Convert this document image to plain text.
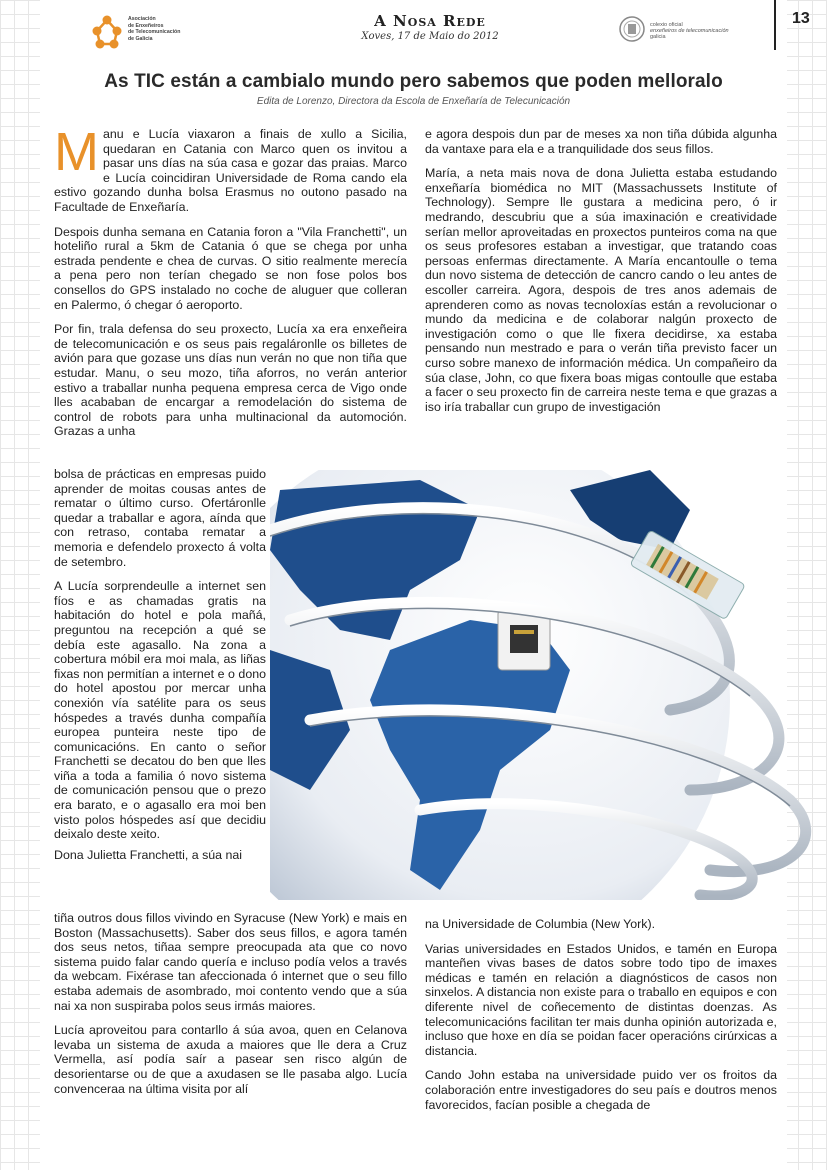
Asociación
de Enxeñeiros
de Telecomunicación
de Galicia
A Nosa Rede
Xoves, 17 de Maio do 2012
colexio oficial
enxeñeiros de telecomunicación
galicia
13
As TIC están a cambialo mundo pero sabemos que poden melloralo
Edita de Lorenzo, Directora da Escola de Enxeñaría de Telecunicación

Manu e Lucía viaxaron a finais de xullo a Sicilia, quedaran en Catania con Marco quen os invitou a pasar uns días na súa casa e gozar das praias. Marco e Lucía coincidiran Universidade de Roma cando ela estivo gozando dunha bolsa Erasmus no outono pasado na Facultade de Enxeñaría.

Despois dunha semana en Catania foron a "Vila Franchetti", un hoteliño rural a 5km de Catania ó que se chega por unha estrada pendente e chea de curvas. O sitio realmente merecía a pena pero non terían chegado se non fose polos bos consellos do GPS instalado no coche de aluguer que colleran en Palermo, ó chegar ó aeroporto.

Por fin, trala defensa do seu proxecto, Lucía xa era enxeñeira de telecomunicación e os seus pais regaláronlle os billetes de avión para que gozase uns días nun verán no que non tiña que estudar. Manu, o seu mozo, tiña aforros, no verán anterior estivo a traballar nunha pequena empresa cerca de Vigo onde lles acababan de encargar a remodelación do sistema de control de robots para unha multinacional da automoción. Grazas a unha

bolsa de prácticas en empresas puido aprender de moitas cousas antes de rematar o último curso. Ofertáronlle quedar a traballar e agora, aínda que con retraso, contaba rematar a memoria e defendelo proxecto á volta de setembro.

A Lucía sorprendeulle a internet sen fíos e as chamadas gratis na habitación do hotel e pola mañá, preguntou na recepción a qué se debía este agasallo. Na zona a cobertura móbil era moi mala, as liñas fixas non permitían a internet e o dono do hotel apostou por mercar unha conexión vía satélite para os seus hóspedes a través dunha compañía europea punteira neste tipo de comunicacións. En canto o señor Franchetti se decatou do ben que lles viña a toda a familia ó novo sistema de comunicación pensou que o prezo era barato, e o agasallo era moi ben visto polos hóspedes así que decidiu deixalo deste xeito.

Dona Julietta Franchetti, a súa nai

tiña outros dous fillos vivindo en Syracuse (New York) e mais en Boston (Massachusetts). Saber dos seus fillos, e agora tamén dos seus netos, tiñaa sempre preocupada ata que co novo sistema puido falar cando quería e incluso podía velos a través da webcam. Fixérase tan afeccionada ó internet que o seu fillo estaba ademais de asombrado, moi contento vendo que a súa nai xa non suspiraba polos seus irmás maiores.

Lucía aproveitou para contarllo á súa avoa, quen en Celanova levaba un sistema de axuda a maiores que lle dera a Cruz Vermella, así podía saír a pasear sen risco algún de desorientarse ou de que a axudasen se lle pasaba algo. Lucía convencerаa na última visita por alí

e agora despois dun par de meses xa non tiña dúbida algunha da vantaxe para ela e a tranquilidade dos seus fillos.

María, a neta mais nova de dona Julietta estaba estudando enxeñaría biomédica no MIT (Massachussets Institute of Technology). Sempre lle gustara a medicina pero, ó ir medrando, descubriu que a súa imaxinación e creatividade serían mellor aproveitadas en proxectos punteiros coma na que os seus profesores estaban a investigar, que tratando coas persoas enfermas directamente. A María encantoulle o tema dun novo sistema de detección de cancro cando o leu antes de escoller carreira. Agora, despois de tres anos ademais de aprenderen como as novas tecnoloxías están a revolucionar o mundo da medicina e de colaborar nalgún proxecto de investigación como o que lle fixera decidirse, xa estaba pensando nun mestrado e para o verán tiña previsto facer un curso sobre manexo de información médica. Un compañeiro da súa clase, John, co que fixera boas migas contoulle que estaba a facer o seu proxecto fin de carreira neste tema e que grazas a iso iría traballar cun grupo de investigación

na Universidade de Columbia (New York).

Varias universidades en Estados Unidos, e tamén en Europa manteñen vivas bases de datos sobre todo tipo de imaxes médicas e tamén en relación a diagnósticos de casos non sinxelos. A distancia non existe para o traballo en equipos e con diferente nivel de coñecemento de distintas doenzas. As telecomunicacións facilitan ter mais dunha opinión autorizada e, incluso que hoxe en día se poidan facer operacións cirúrxicas a distancia.

Cando John estaba na universidade puido ver os froitos da colaboración entre investigadores do seu país e doutros menos favorecidos, facían posible a chegada de
